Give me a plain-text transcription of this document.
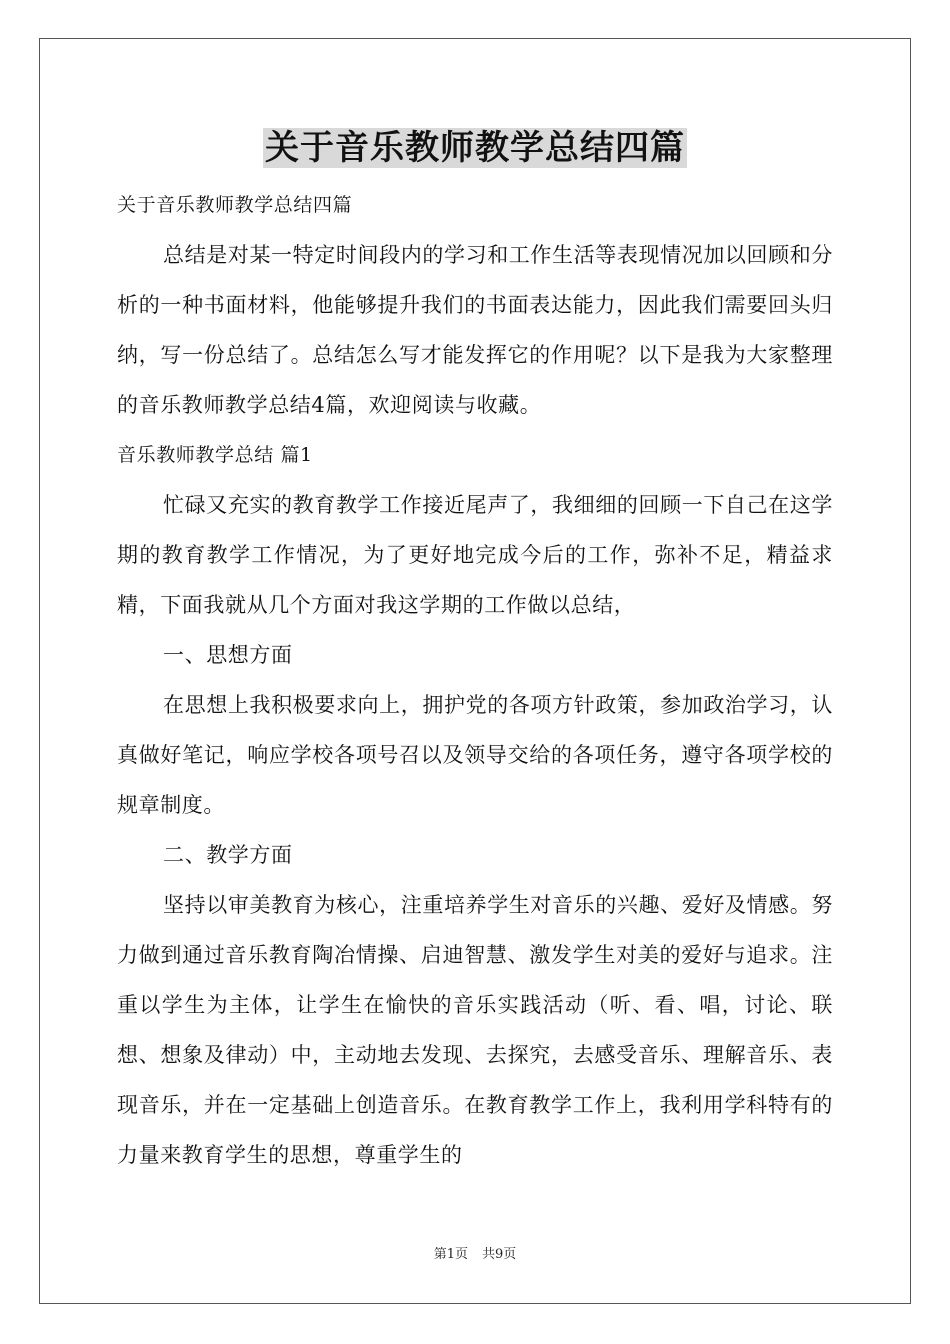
关于音乐教师教学总结四篇

关于音乐教师教学总结四篇

总结是对某一特定时间段内的学习和工作生活等表现情况加以回顾和分析的一种书面材料，他能够提升我们的书面表达能力，因此我们需要回头归纳，写一份总结了。总结怎么写才能发挥它的作用呢？以下是我为大家整理的音乐教师教学总结4篇，欢迎阅读与收藏。

音乐教师教学总结 篇1

忙碌又充实的教育教学工作接近尾声了，我细细的回顾一下自己在这学期的教育教学工作情况，为了更好地完成今后的工作，弥补不足，精益求精，下面我就从几个方面对我这学期的工作做以总结，

一、思想方面

在思想上我积极要求向上，拥护党的各项方针政策，参加政治学习，认真做好笔记，响应学校各项号召以及领导交给的各项任务，遵守各项学校的规章制度。

二、教学方面

坚持以审美教育为核心，注重培养学生对音乐的兴趣、爱好及情感。努力做到通过音乐教育陶冶情操、启迪智慧、激发学生对美的爱好与追求。注重以学生为主体，让学生在愉快的音乐实践活动（听、看、唱，讨论、联想、想象及律动）中，主动地去发现、去探究，去感受音乐、理解音乐、表现音乐，并在一定基础上创造音乐。在教育教学工作上，我利用学科特有的力量来教育学生的思想，尊重学生的

第1页 共9页
